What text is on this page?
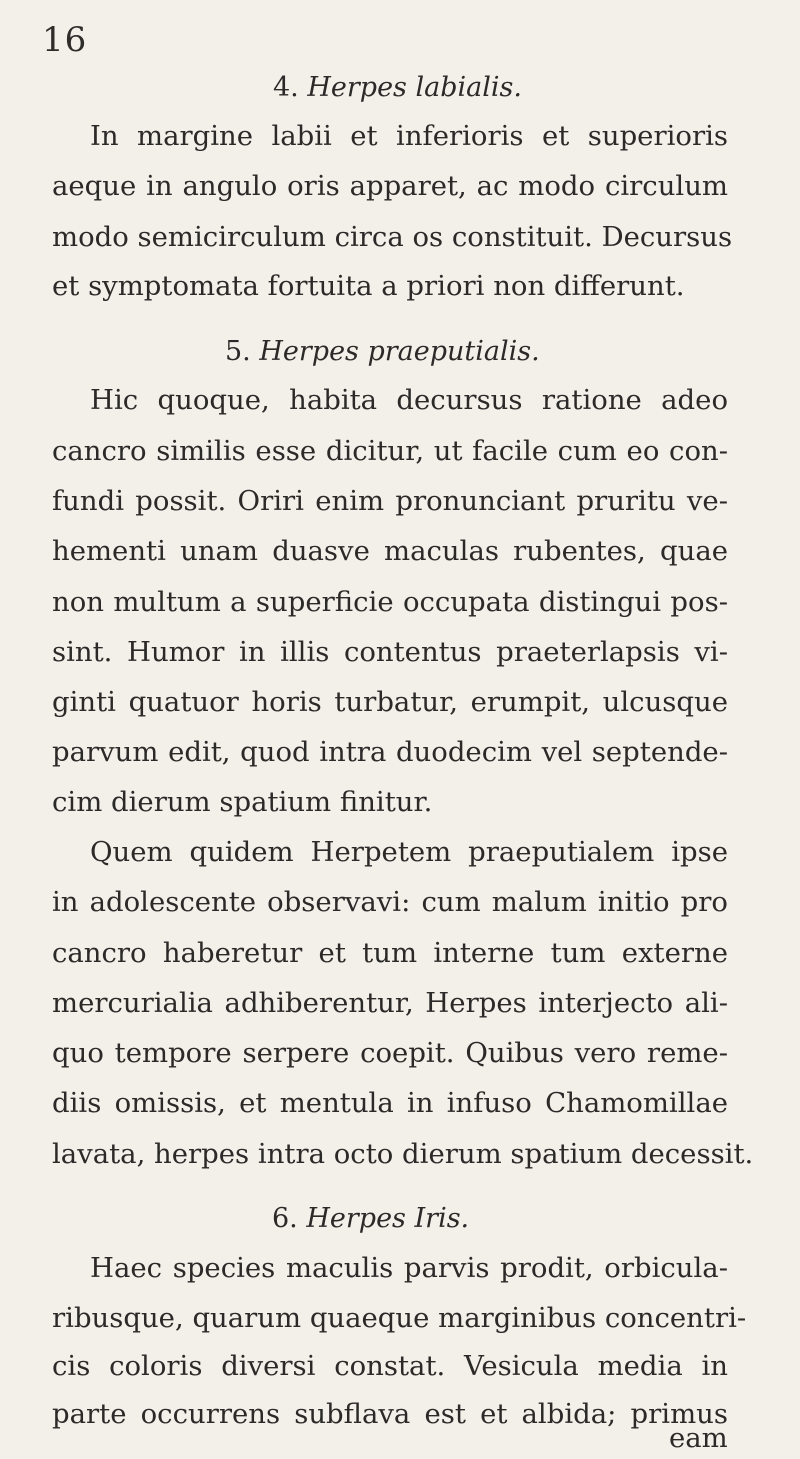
16
4. Herpes labialis.
In margine labii et inferioris et superioris
aeque in angulo oris apparet, ac modo circulum
modo semicirculum circa os constituit. Decursus
et symptomata fortuita a priori non differunt.
5. Herpes praeputialis.
Hic quoque, habita decursus ratione adeo
cancro similis esse dicitur, ut facile cum eo con-
fundi possit. Oriri enim pronunciant pruritu ve-
hementi unam duasve maculas rubentes, quae
non multum a superficie occupata distingui pos-
sint. Humor in illis contentus praeterlapsis vi-
ginti quatuor horis turbatur, erumpit, ulcusque
parvum edit, quod intra duodecim vel septende-
cim dierum spatium finitur.
Quem quidem Herpetem praeputialem ipse
in adolescente observavi: cum malum initio pro
cancro haberetur et tum interne tum externe
mercurialia adhiberentur, Herpes interjecto ali-
quo tempore serpere coepit. Quibus vero reme-
diis omissis, et mentula in infuso Chamomillae
lavata, herpes intra octo dierum spatium decessit.
6. Herpes Iris.
Haec species maculis parvis prodit, orbicula-
ribusque, quarum quaeque marginibus concentri-
cis coloris diversi constat. Vesicula media in
parte occurrens subflava est et albida; primus
eam
